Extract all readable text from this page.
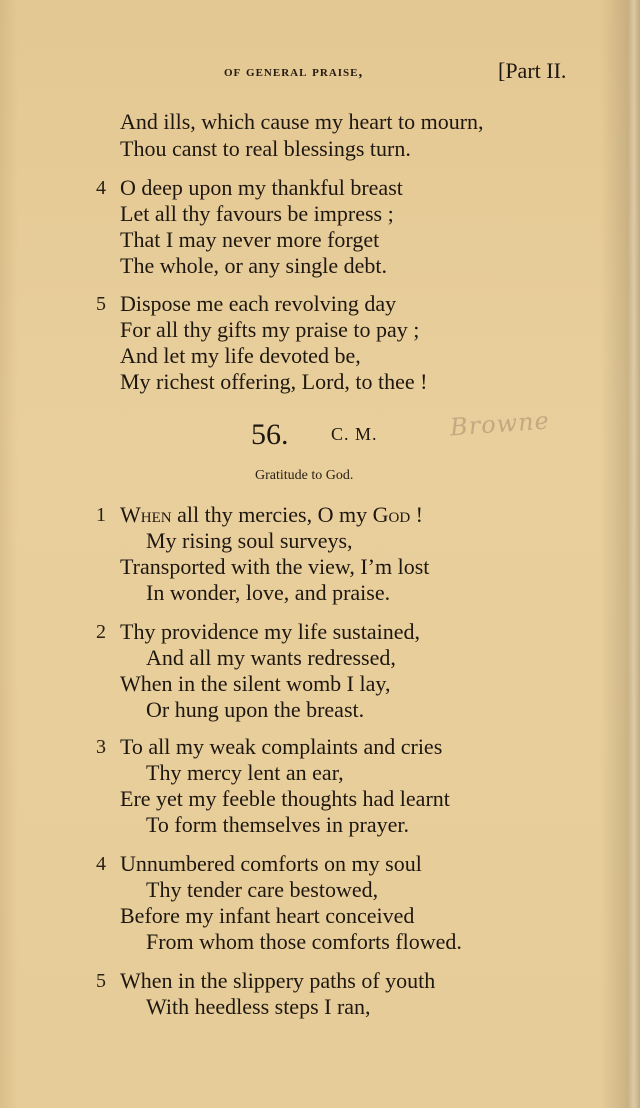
of general praise,	[Part II.
And ills, which cause my heart to mourn,
Thou canst to real blessings turn.
4 O deep upon my thankful breast
Let all thy favours be impress ;
That I may never more forget
The whole, or any single debt.
5 Dispose me each revolving day
For all thy gifts my praise to pay ;
And let my life devoted be,
My richest offering, Lord, to thee !
56. C. M.	Browne
Gratitude to God.
1 When all thy mercies, O my God !
My rising soul surveys,
Transported with the view, I’m lost
In wonder, love, and praise.
2 Thy providence my life sustained,
And all my wants redressed,
When in the silent womb I lay,
Or hung upon the breast.
3 To all my weak complaints and cries
Thy mercy lent an ear,
Ere yet my feeble thoughts had learnt
To form themselves in prayer.
4 Unnumbered comforts on my soul
Thy tender care bestowed,
Before my infant heart conceived
From whom those comforts flowed.
5 When in the slippery paths of youth
With heedless steps I ran,
